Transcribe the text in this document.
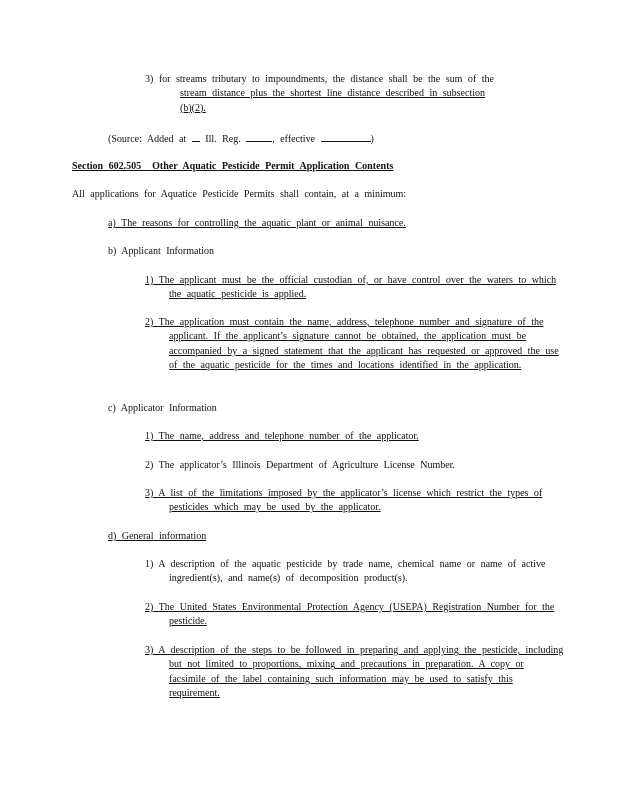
3) for streams tributary to impoundments, the distance shall be the sum of the
stream distance plus the shortest line distance described in subsection
(b)(2).
(Source: Added at Ill. Reg.	, effective	)
Section 602.505 Other Aquatic Pesticide Permit Application Contents
All applications for Aquatice Pesticide Permits shall contain, at a minimum:
a) The reasons for controlling the aquatic plant or animal nuisance.
b) Applicant Information
1) The applicant must be the official custodian of, or have control over the waters to which the aquatic pesticide is applied.
2) The application must contain the name, address, telephone number and signature of the applicant. If the applicant’s signature cannot be obtained, the application must be accompanied by a signed statement that the applicant has requested or approved the use of the aquatic pesticide for the times and locations identified in the application.
c) Applicator Information
1) The name, address and telephone number of the applicator.
2) The applicator’s Illinois Department of Agriculture License Number.
3) A list of the limitations imposed by the applicator’s license which restrict the types of pesticides which may be used by the applicator.
d) General information
1) A description of the aquatic pesticide by trade name, chemical name or name of active ingredient(s), and name(s) of decomposition product(s).
2) The United States Environmental Protection Agency (USEPA) Registration Number for the pesticide.
3) A description of the steps to be followed in preparing and applying the pesticide, including but not limited to proportions, mixing and precautions in preparation. A copy or facsimile of the label containing such information may be used to satisfy this requirement.
